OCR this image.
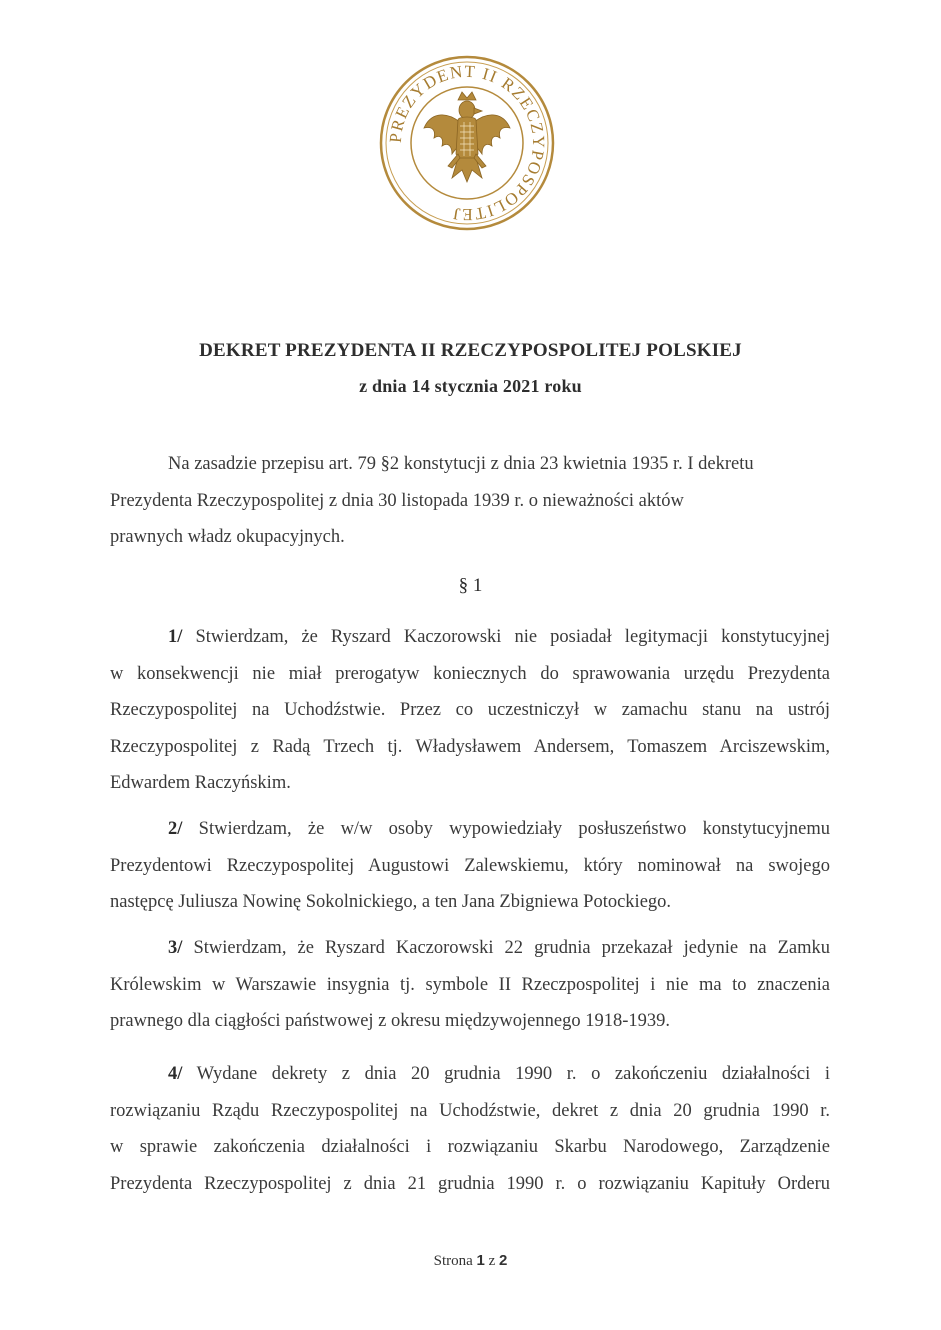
PREZYDENT II RZECZYPOSPOLITEJ
DEKRET PREZYDENTA II RZECZYPOSPOLITEJ POLSKIEJ
z dnia 14 stycznia 2021 roku
Na zasadzie przepisu art. 79 §2 konstytucji z dnia 23 kwietnia 1935 r. I dekretu
Prezydenta Rzeczypospolitej z dnia 30 listopada 1939 r. o nieważności aktów
prawnych władz okupacyjnych.
§ 1
1/ Stwierdzam, że Ryszard Kaczorowski nie posiadał legitymacji konstytucyjnej
w konsekwencji nie miał prerogatyw koniecznych do sprawowania urzędu Prezydenta
Rzeczypospolitej na Uchodźstwie. Przez co uczestniczył w zamachu stanu na ustrój
Rzeczypospolitej z Radą Trzech tj. Władysławem Andersem, Tomaszem Arciszewskim,
Edwardem Raczyńskim.
2/ Stwierdzam, że w/w osoby wypowiedziały posłuszeństwo konstytucyjnemu
Prezydentowi Rzeczypospolitej Augustowi Zalewskiemu, który nominował na swojego
następcę Juliusza Nowinę Sokolnickiego, a ten Jana Zbigniewa Potockiego.
3/ Stwierdzam, że Ryszard Kaczorowski 22 grudnia przekazał jedynie na Zamku
Królewskim w Warszawie insygnia tj. symbole II Rzeczpospolitej i nie ma to znaczenia
prawnego dla ciągłości państwowej z okresu międzywojennego 1918-1939.
4/ Wydane dekrety z dnia 20 grudnia 1990 r. o zakończeniu działalności i
rozwiązaniu Rządu Rzeczypospolitej na Uchodźstwie, dekret z dnia 20 grudnia 1990 r.
w sprawie zakończenia działalności i rozwiązaniu Skarbu Narodowego, Zarządzenie
Prezydenta Rzeczypospolitej z dnia 21 grudnia 1990 r. o rozwiązaniu Kapituły Orderu
Strona 1 z 2
